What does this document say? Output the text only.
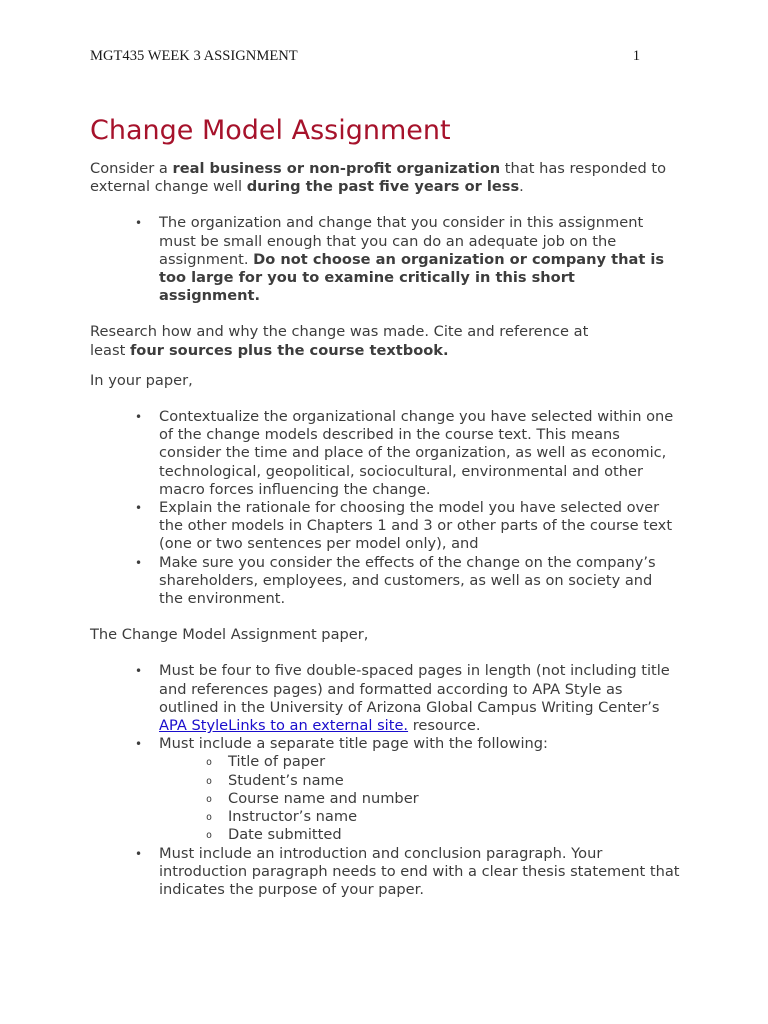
MGT435 WEEK 3 ASSIGNMENT	1
Change Model Assignment

Consider a real business or non-profit organization that has responded to external change well during the past five years or less.

• The organization and change that you consider in this assignment must be small enough that you can do an adequate job on the assignment. Do not choose an organization or company that is too large for you to examine critically in this short assignment.

Research how and why the change was made. Cite and reference at least four sources plus the course textbook.

In your paper,

• Contextualize the organizational change you have selected within one of the change models described in the course text. This means consider the time and place of the organization, as well as economic, technological, geopolitical, sociocultural, environmental and other macro forces influencing the change.
• Explain the rationale for choosing the model you have selected over the other models in Chapters 1 and 3 or other parts of the course text (one or two sentences per model only), and
• Make sure you consider the effects of the change on the company’s shareholders, employees, and customers, as well as on society and the environment.

The Change Model Assignment paper,

• Must be four to five double-spaced pages in length (not including title and references pages) and formatted according to APA Style as outlined in the University of Arizona Global Campus Writing Center’s APA StyleLinks to an external site. resource.
• Must include a separate title page with the following:
o Title of paper
o Student’s name
o Course name and number
o Instructor’s name
o Date submitted
• Must include an introduction and conclusion paragraph. Your introduction paragraph needs to end with a clear thesis statement that indicates the purpose of your paper.
